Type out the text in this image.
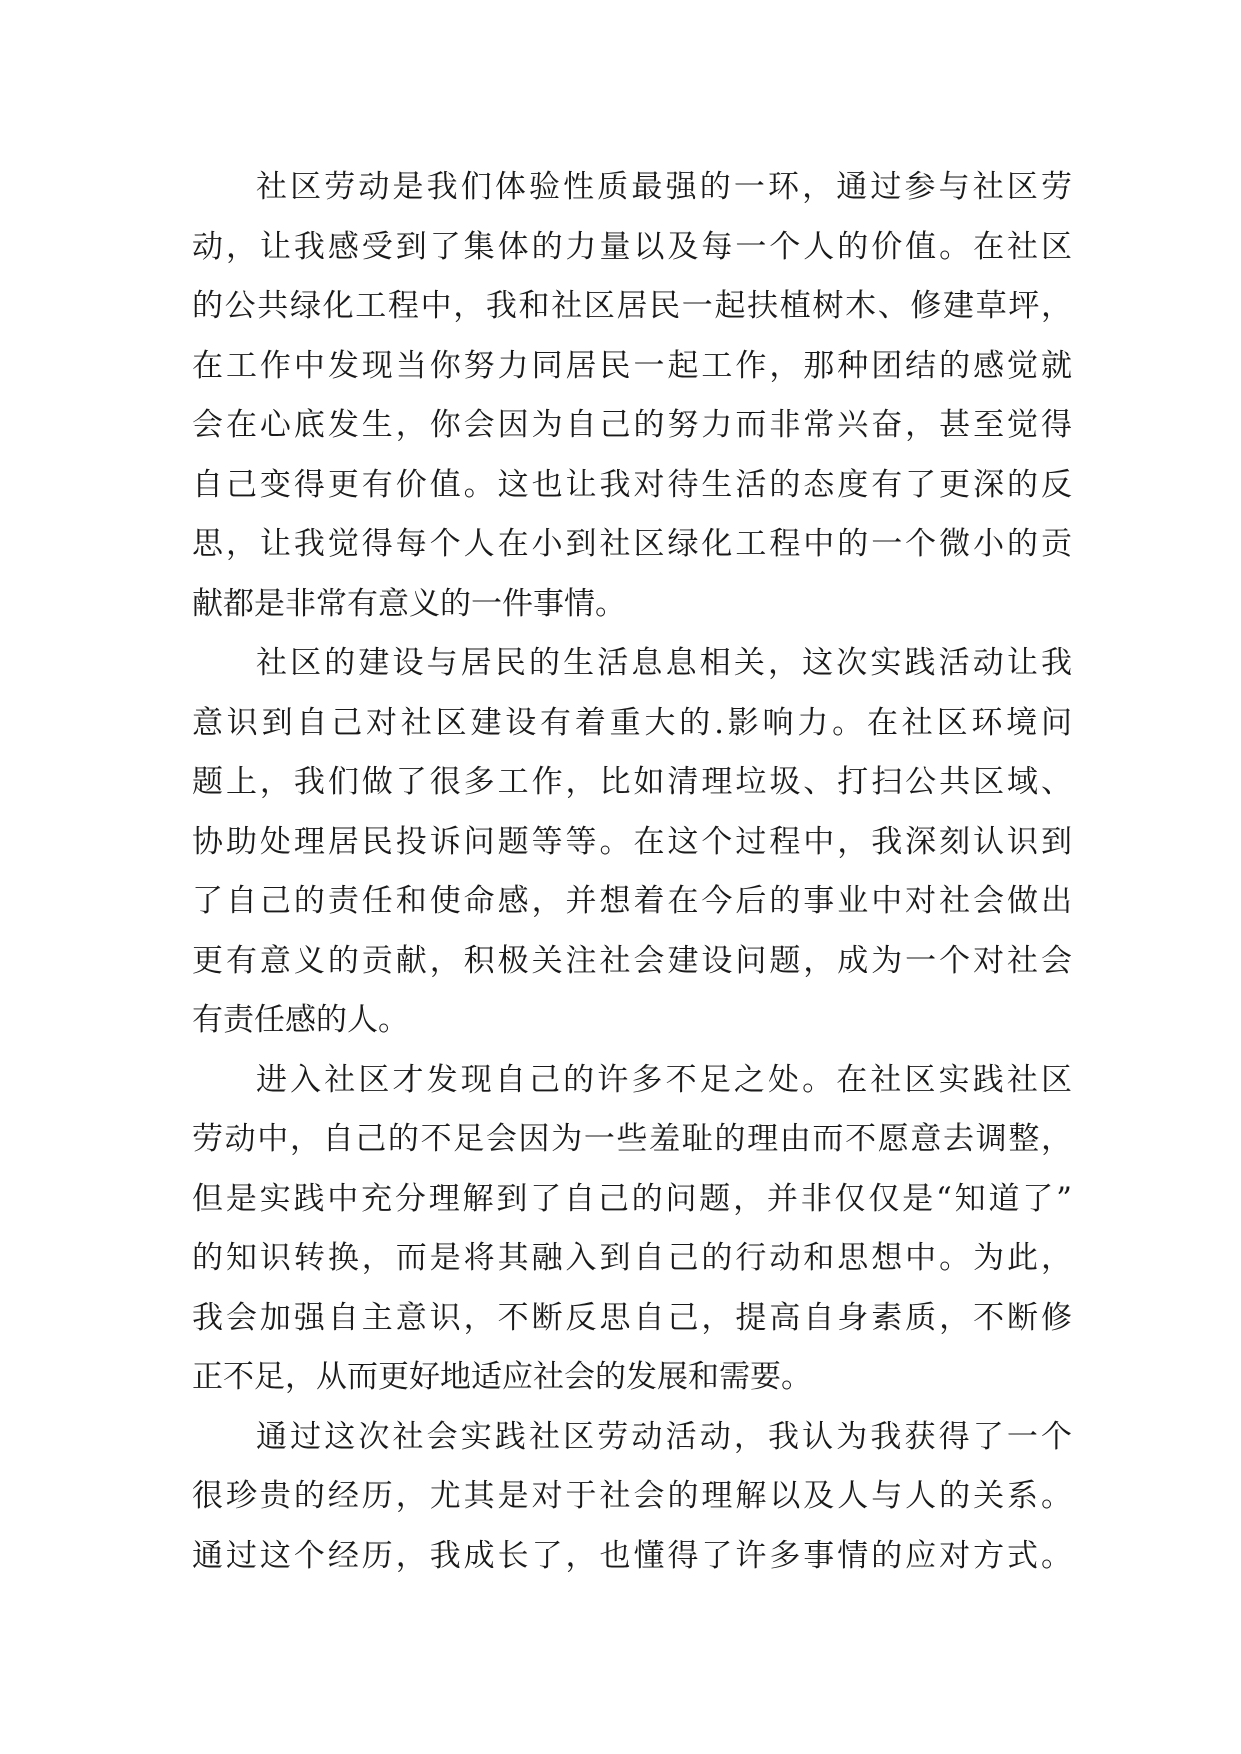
社区劳动是我们体验性质最强的一环，通过参与社区劳
动，让我感受到了集体的力量以及每一个人的价值。在社区
的公共绿化工程中，我和社区居民一起扶植树木、修建草坪，
在工作中发现当你努力同居民一起工作，那种团结的感觉就
会在心底发生，你会因为自己的努力而非常兴奋，甚至觉得
自己变得更有价值。这也让我对待生活的态度有了更深的反
思，让我觉得每个人在小到社区绿化工程中的一个微小的贡
献都是非常有意义的一件事情。
社区的建设与居民的生活息息相关，这次实践活动让我
意识到自己对社区建设有着重大的.影响力。在社区环境问
题上，我们做了很多工作，比如清理垃圾、打扫公共区域、
协助处理居民投诉问题等等。在这个过程中，我深刻认识到
了自己的责任和使命感，并想着在今后的事业中对社会做出
更有意义的贡献，积极关注社会建设问题，成为一个对社会
有责任感的人。
进入社区才发现自己的许多不足之处。在社区实践社区
劳动中，自己的不足会因为一些羞耻的理由而不愿意去调整，
但是实践中充分理解到了自己的问题，并非仅仅是“知道了”
的知识转换，而是将其融入到自己的行动和思想中。为此，
我会加强自主意识，不断反思自己，提高自身素质，不断修
正不足，从而更好地适应社会的发展和需要。
通过这次社会实践社区劳动活动，我认为我获得了一个
很珍贵的经历，尤其是对于社会的理解以及人与人的关系。
通过这个经历，我成长了，也懂得了许多事情的应对方式。
